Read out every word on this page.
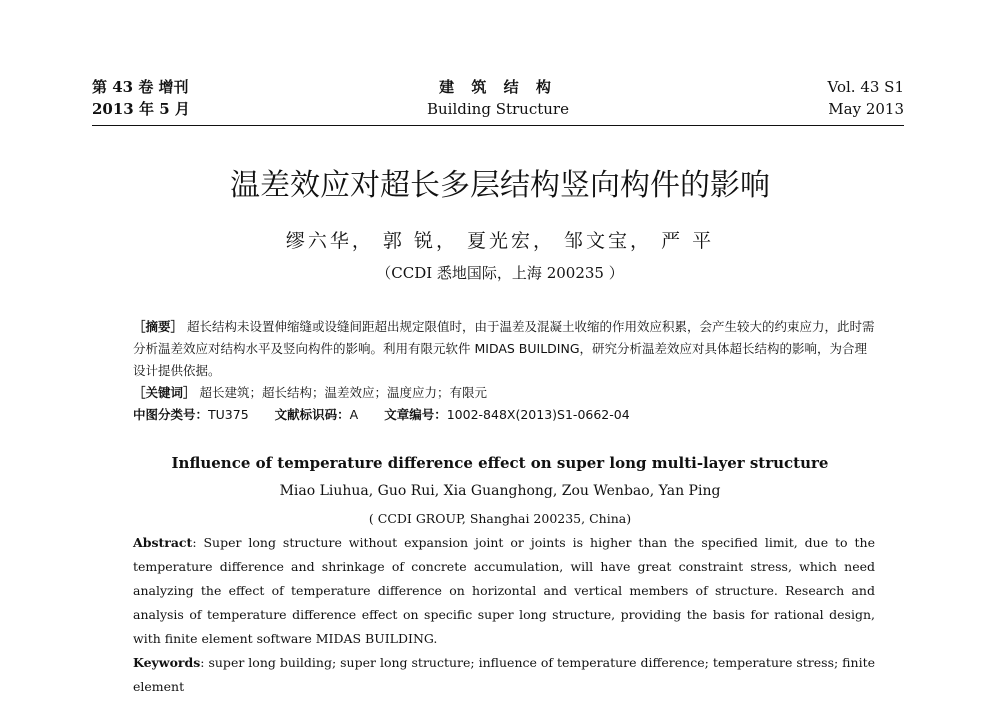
第 43 卷 增刊
2013 年 5 月
建 筑 结 构
Building Structure
Vol. 43 S1
May 2013
温差效应对超长多层结构竖向构件的影响
缪六华， 郭 锐， 夏光宏， 邹文宝， 严 平
（CCDI 悉地国际，上海 200235 ）
［摘要］ 超长结构未设置伸缩缝或设缝间距超出规定限值时，由于温差及混凝土收缩的作用效应积累，会产生较大的约束应力，此时需分析温差效应对结构水平及竖向构件的影响。利用有限元软件 MIDAS BUILDING，研究分析温差效应对具体超长结构的影响，为合理设计提供依据。
［关键词］ 超长建筑；超长结构；温差效应；温度应力；有限元
中图分类号：TU375 文献标识码：A 文章编号：1002-848X(2013)S1-0662-04
Influence of temperature difference effect on super long multi-layer structure
Miao Liuhua, Guo Rui, Xia Guanghong, Zou Wenbao, Yan Ping
( CCDI GROUP, Shanghai 200235, China)
Abstract: Super long structure without expansion joint or joints is higher than the specified limit, due to the temperature difference and shrinkage of concrete accumulation, will have great constraint stress, which need analyzing the effect of temperature difference on horizontal and vertical members of structure. Research and analysis of temperature difference effect on specific super long structure, providing the basis for rational design, with finite element software MIDAS BUILDING.
Keywords: super long building; super long structure; influence of temperature difference; temperature stress; finite element
